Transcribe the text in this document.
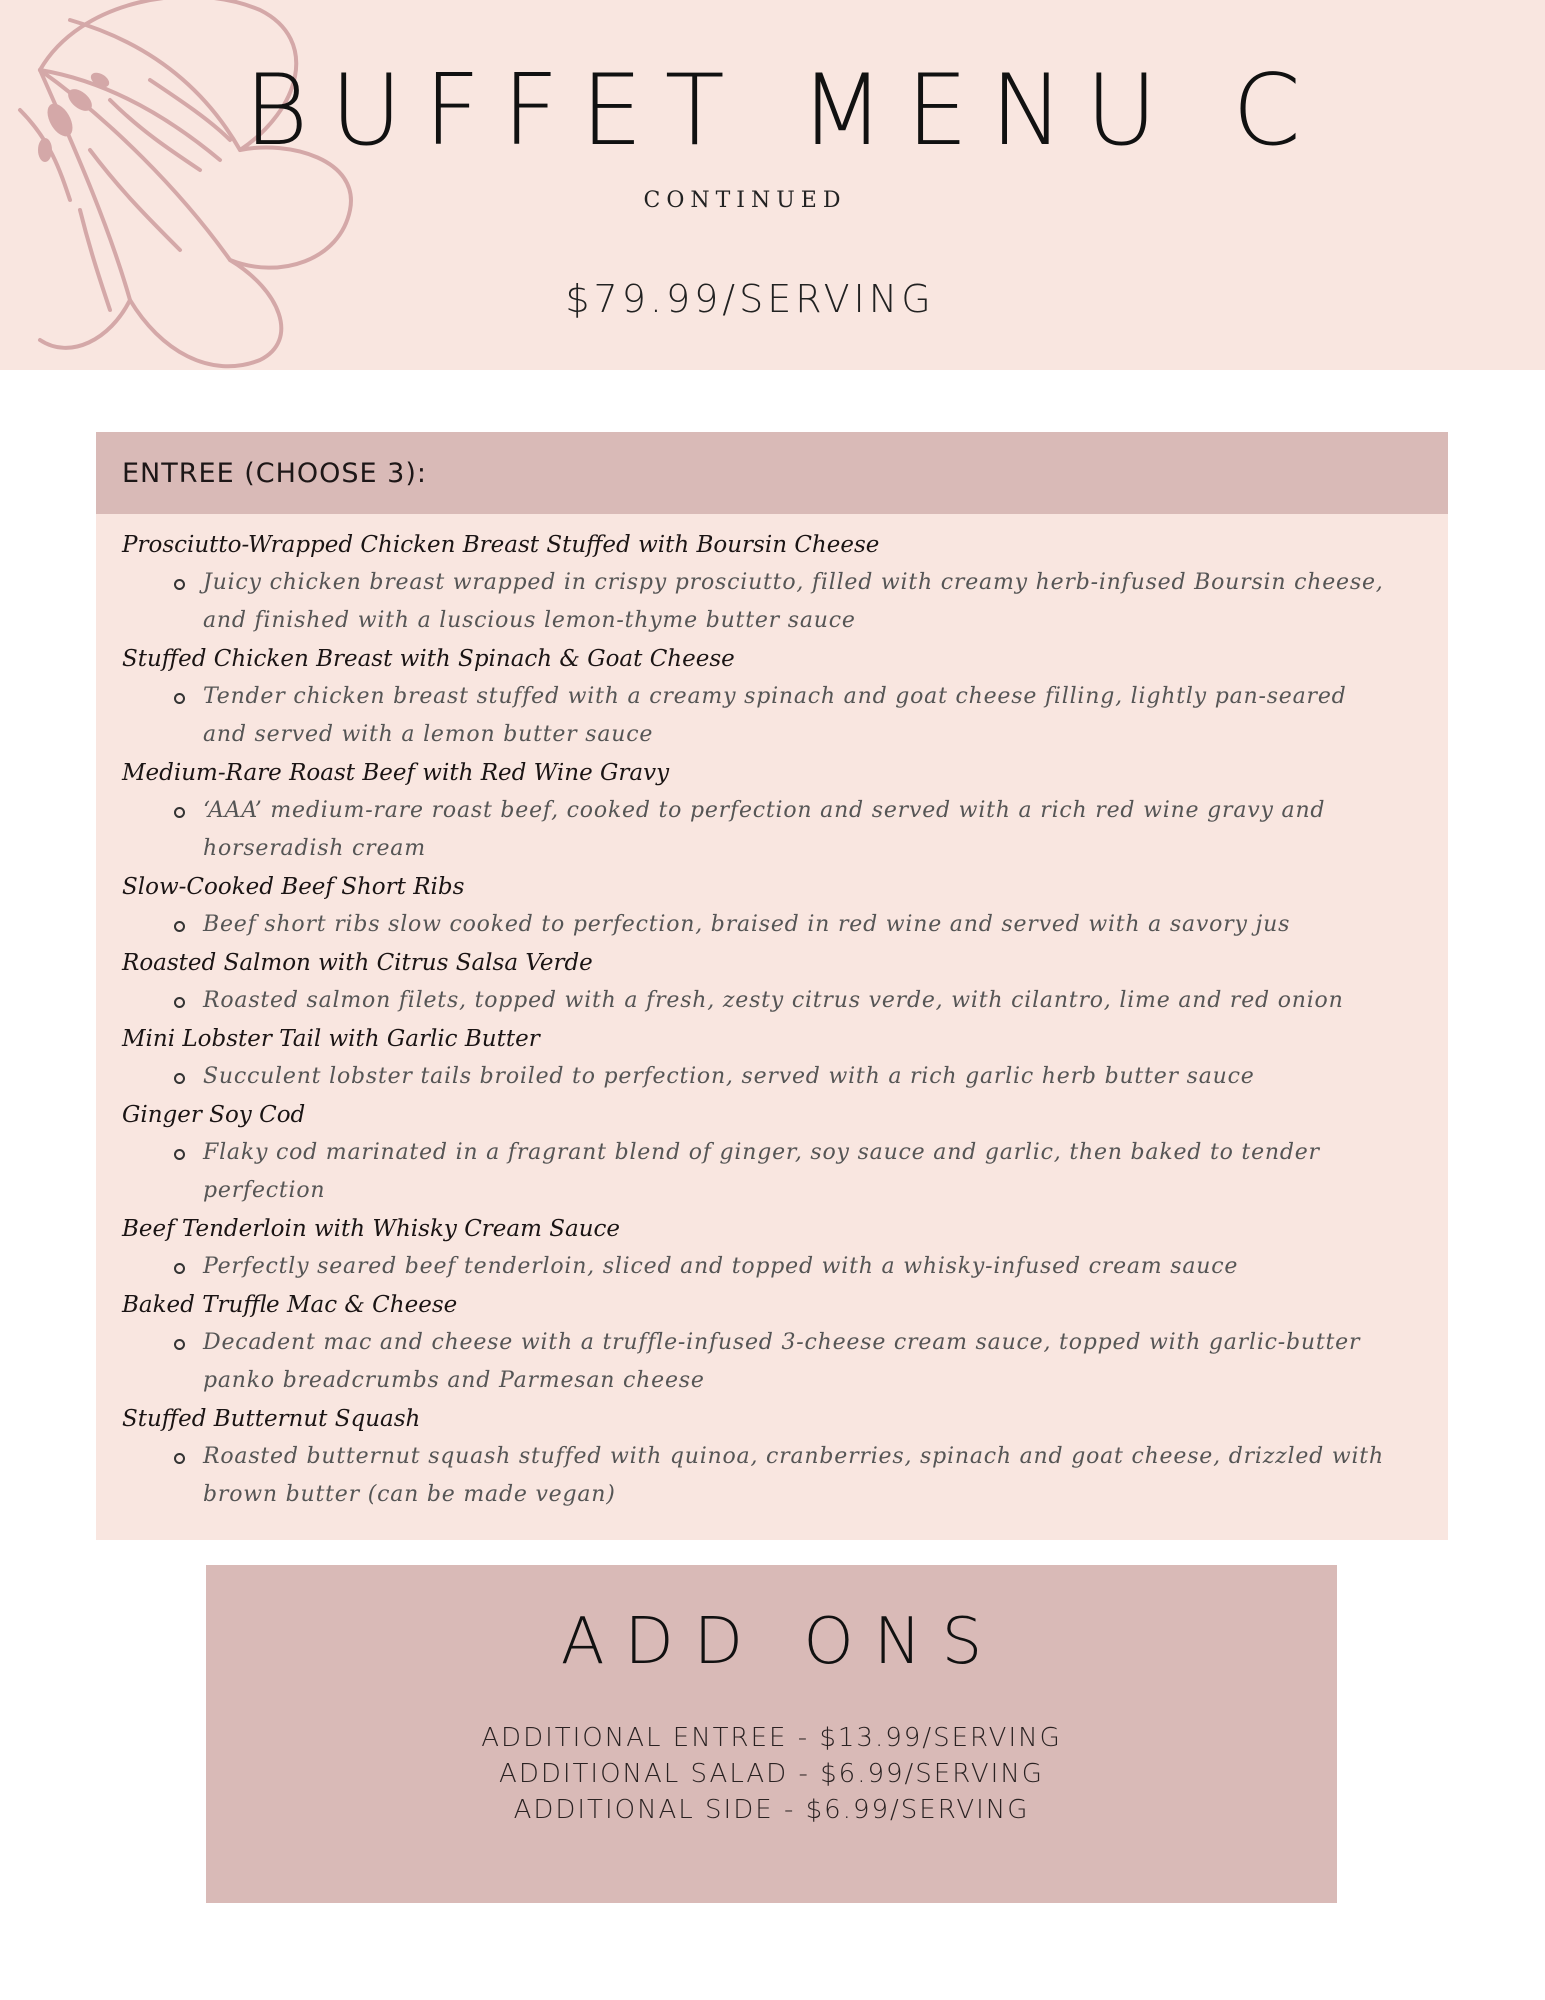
BUFFET MENU C
CONTINUED
$79.99/SERVING
ENTREE (CHOOSE 3):
Prosciutto-Wrapped Chicken Breast Stuffed with Boursin Cheese
Juicy chicken breast wrapped in crispy prosciutto, filled with creamy herb-infused Boursin cheese,
and finished with a luscious lemon-thyme butter sauce
Stuffed Chicken Breast with Spinach & Goat Cheese
Tender chicken breast stuffed with a creamy spinach and goat cheese filling, lightly pan-seared
and served with a lemon butter sauce
Medium-Rare Roast Beef with Red Wine Gravy
‘AAA’ medium-rare roast beef, cooked to perfection and served with a rich red wine gravy and
horseradish cream
Slow-Cooked Beef Short Ribs
Beef short ribs slow cooked to perfection, braised in red wine and served with a savory jus
Roasted Salmon with Citrus Salsa Verde
Roasted salmon filets, topped with a fresh, zesty citrus verde, with cilantro, lime and red onion
Mini Lobster Tail with Garlic Butter
Succulent lobster tails broiled to perfection, served with a rich garlic herb butter sauce
Ginger Soy Cod
Flaky cod marinated in a fragrant blend of ginger, soy sauce and garlic, then baked to tender
perfection
Beef Tenderloin with Whisky Cream Sauce
Perfectly seared beef tenderloin, sliced and topped with a whisky-infused cream sauce
Baked Truffle Mac & Cheese
Decadent mac and cheese with a truffle-infused 3-cheese cream sauce, topped with garlic-butter
panko breadcrumbs and Parmesan cheese
Stuffed Butternut Squash
Roasted butternut squash stuffed with quinoa, cranberries, spinach and goat cheese, drizzled with
brown butter (can be made vegan)
ADD ONS
ADDITIONAL ENTREE - $13.99/SERVING
ADDITIONAL SALAD - $6.99/SERVING
ADDITIONAL SIDE - $6.99/SERVING
